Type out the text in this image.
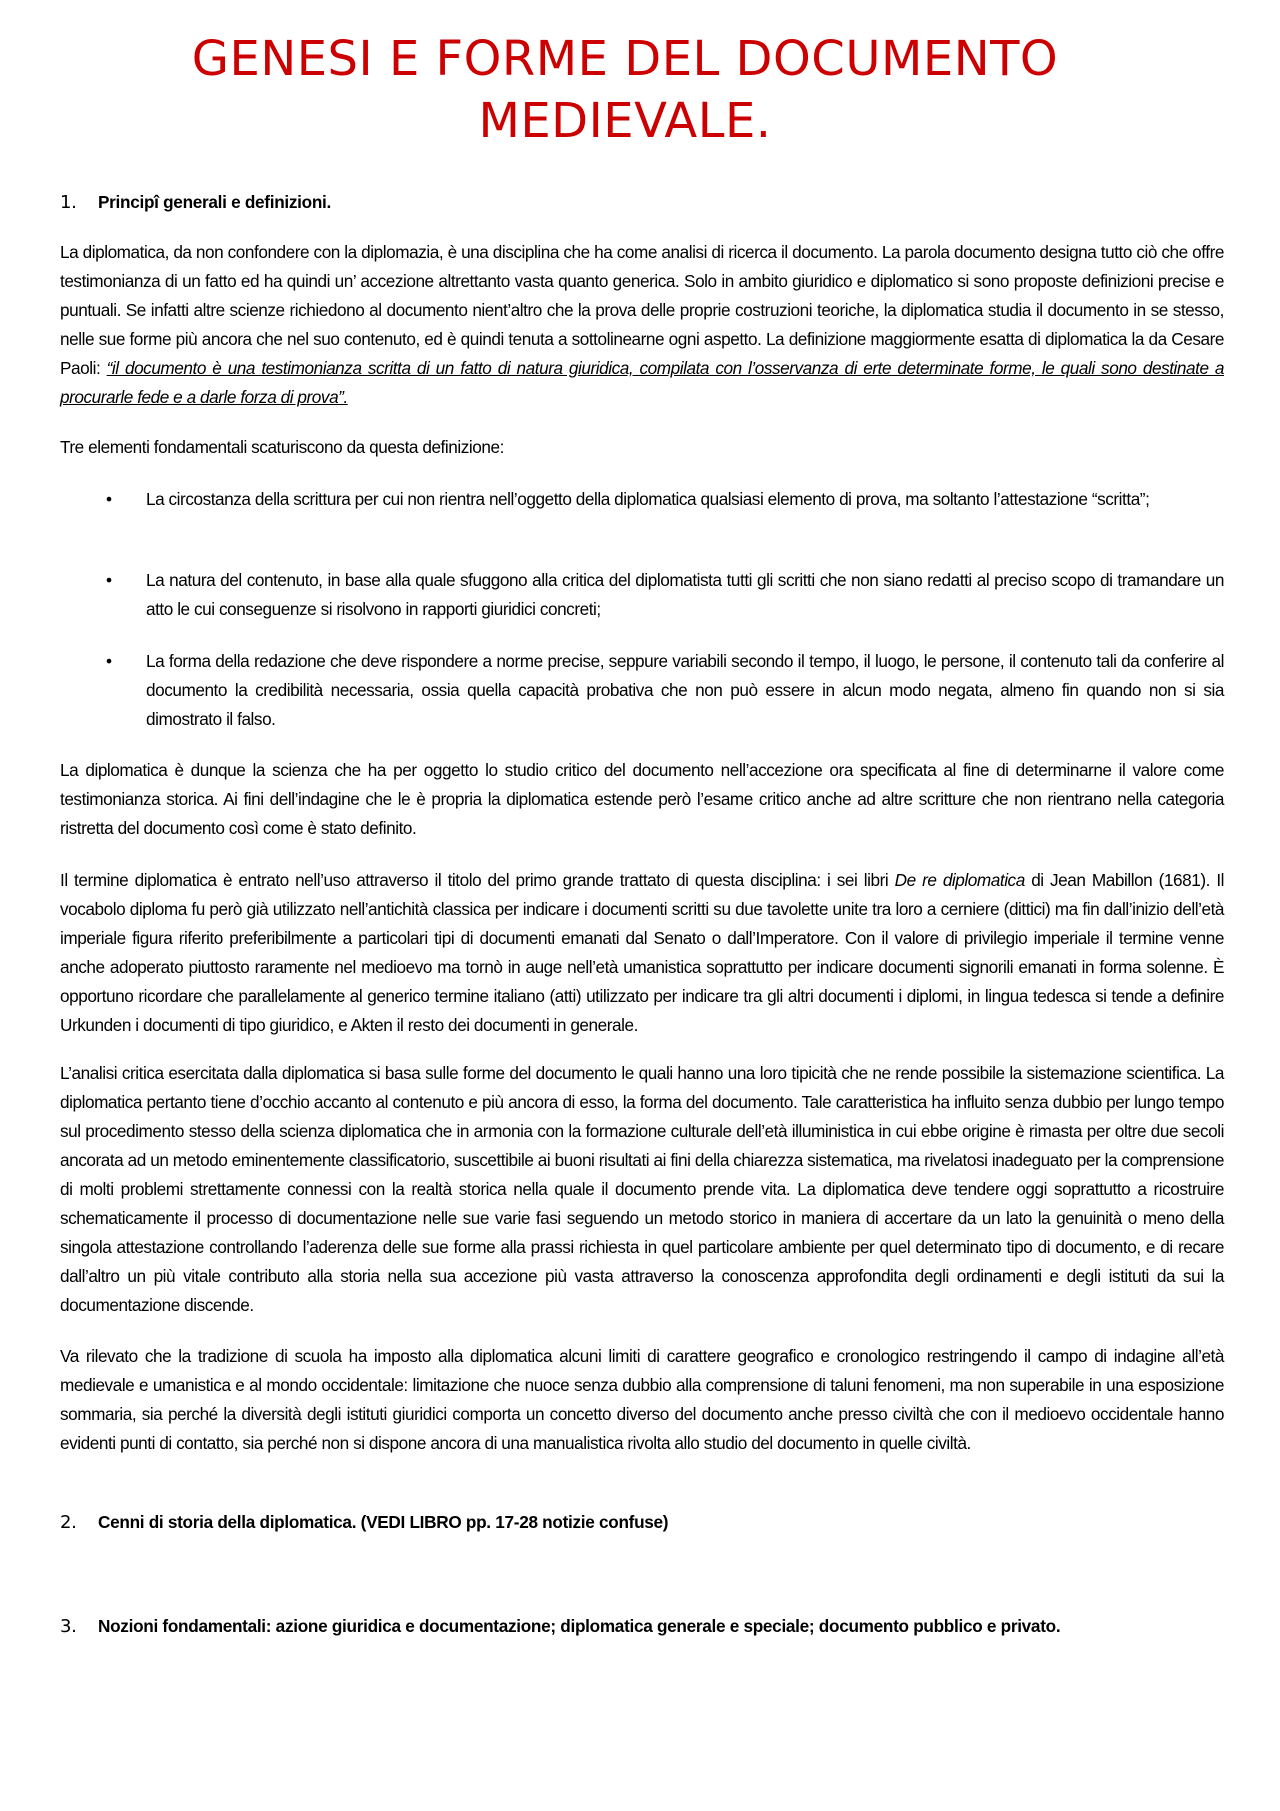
GENESI E FORME DEL DOCUMENTO
MEDIEVALE.
1. Principî generali e definizioni.
La diplomatica, da non confondere con la diplomazia, è una disciplina che ha come analisi di ricerca il documento. La parola documento designa tutto ciò che offre testimonianza di un fatto ed ha quindi un’ accezione altrettanto vasta quanto generica. Solo in ambito giuridico e diplomatico si sono proposte definizioni precise e puntuali. Se infatti altre scienze richiedono al documento nient’altro che la prova delle proprie costruzioni teoriche, la diplomatica studia il documento in se stesso, nelle sue forme più ancora che nel suo contenuto, ed è quindi tenuta a sottolinearne ogni aspetto. La definizione maggiormente esatta di diplomatica la da Cesare Paoli: “il documento è una testimonianza scritta di un fatto di natura giuridica, compilata con l’osservanza di erte determinate forme, le quali sono destinate a procurarle fede e a darle forza di prova”.
Tre elementi fondamentali scaturiscono da questa definizione:
•	La circostanza della scrittura per cui non rientra nell’oggetto della diplomatica qualsiasi elemento di prova, ma soltanto l’attestazione “scritta”;
•	La natura del contenuto, in base alla quale sfuggono alla critica del diplomatista tutti gli scritti che non siano redatti al preciso scopo di tramandare un atto le cui conseguenze si risolvono in rapporti giuridici concreti;
•	La forma della redazione che deve rispondere a norme precise, seppure variabili secondo il tempo, il luogo, le persone, il contenuto tali da conferire al documento la credibilità necessaria, ossia quella capacità probativa che non può essere in alcun modo negata, almeno fin quando non si sia dimostrato il falso.
La diplomatica è dunque la scienza che ha per oggetto lo studio critico del documento nell’accezione ora specificata al fine di determinarne il valore come testimonianza storica. Ai fini dell’indagine che le è propria la diplomatica estende però l’esame critico anche ad altre scritture che non rientrano nella categoria ristretta del documento così come è stato definito.
Il termine diplomatica è entrato nell’uso attraverso il titolo del primo grande trattato di questa disciplina: i sei libri De re diplomatica di Jean Mabillon (1681). Il vocabolo diploma fu però già utilizzato nell’antichità classica per indicare i documenti scritti su due tavolette unite tra loro a cerniere (dittici) ma fin dall’inizio dell’età imperiale figura riferito preferibilmente a particolari tipi di documenti emanati dal Senato o dall’Imperatore. Con il valore di privilegio imperiale il termine venne anche adoperato piuttosto raramente nel medioevo ma tornò in auge nell’età umanistica soprattutto per indicare documenti signorili emanati in forma solenne. È opportuno ricordare che parallelamente al generico termine italiano (atti) utilizzato per indicare tra gli altri documenti i diplomi, in lingua tedesca si tende a definire Urkunden i documenti di tipo giuridico, e Akten il resto dei documenti in generale.
L’analisi critica esercitata dalla diplomatica si basa sulle forme del documento le quali hanno una loro tipicità che ne rende possibile la sistemazione scientifica. La diplomatica pertanto tiene d’occhio accanto al contenuto e più ancora di esso, la forma del documento. Tale caratteristica ha influito senza dubbio per lungo tempo sul procedimento stesso della scienza diplomatica che in armonia con la formazione culturale dell’età illuministica in cui ebbe origine è rimasta per oltre due secoli ancorata ad un metodo eminentemente classificatorio, suscettibile ai buoni risultati ai fini della chiarezza sistematica, ma rivelatosi inadeguato per la comprensione di molti problemi strettamente connessi con la realtà storica nella quale il documento prende vita. La diplomatica deve tendere oggi soprattutto a ricostruire schematicamente il processo di documentazione nelle sue varie fasi seguendo un metodo storico in maniera di accertare da un lato la genuinità o meno della singola attestazione controllando l’aderenza delle sue forme alla prassi richiesta in quel particolare ambiente per quel determinato tipo di documento, e di recare dall’altro un più vitale contributo alla storia nella sua accezione più vasta attraverso la conoscenza approfondita degli ordinamenti e degli istituti da sui la documentazione discende.
Va rilevato che la tradizione di scuola ha imposto alla diplomatica alcuni limiti di carattere geografico e cronologico restringendo il campo di indagine all’età medievale e umanistica e al mondo occidentale: limitazione che nuoce senza dubbio alla comprensione di taluni fenomeni, ma non superabile in una esposizione sommaria, sia perché la diversità degli istituti giuridici comporta un concetto diverso del documento anche presso civiltà che con il medioevo occidentale hanno evidenti punti di contatto, sia perché non si dispone ancora di una manualistica rivolta allo studio del documento in quelle civiltà.
2. Cenni di storia della diplomatica. (VEDI LIBRO pp. 17-28 notizie confuse)
3. Nozioni fondamentali: azione giuridica e documentazione; diplomatica generale e speciale; documento pubblico e privato.
